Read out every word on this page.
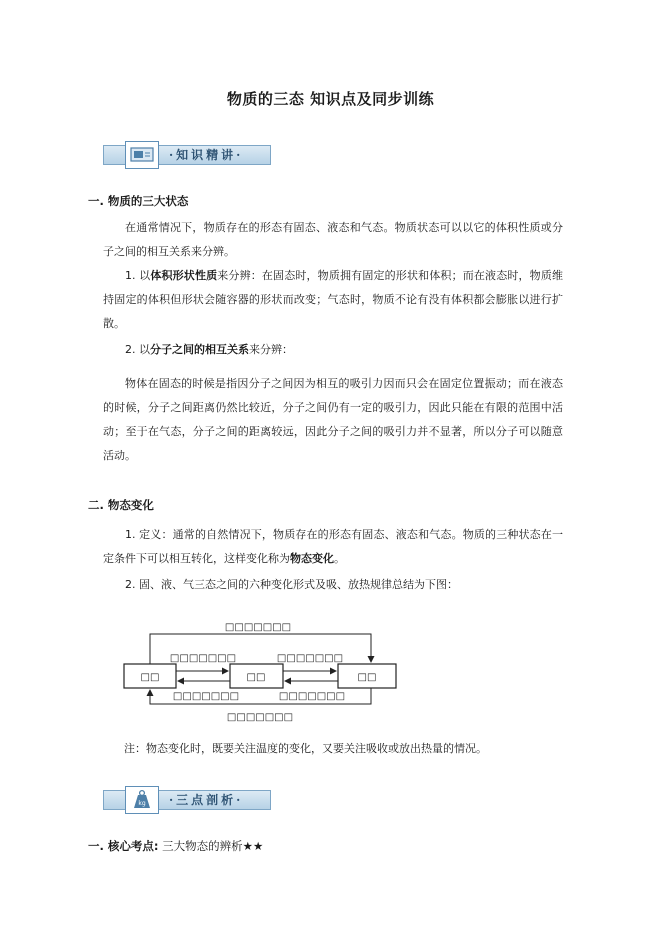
物质的三态 知识点及同步训练
·知识精讲·
一. 物质的三大状态
在通常情况下，物质存在的形态有固态、液态和气态。物质状态可以以它的体积性质或分子之间的相互关系来分辨。
1. 以体积形状性质来分辨：在固态时，物质拥有固定的形状和体积；而在液态时，物质维持固定的体积但形状会随容器的形状而改变；气态时，物质不论有没有体积都会膨胀以进行扩散。
2. 以分子之间的相互关系来分辨：
物体在固态的时候是指因分子之间因为相互的吸引力因而只会在固定位置振动；而在液态的时候，分子之间距离仍然比较近，分子之间仍有一定的吸引力，因此只能在有限的范围中活动；至于在气态，分子之间的距离较远，因此分子之间的吸引力并不显著，所以分子可以随意活动。
二. 物态变化
1. 定义：通常的自然情况下，物质存在的形态有固态、液态和气态。物质的三种状态在一定条件下可以相互转化，这样变化称为物态变化。
2. 固、液、气三态之间的六种变化形式及吸、放热规律总结为下图：
□□	□□	□□
□□□□□□□
□□□□□□□	□□□□□□□
□□□□□□□	□□□□□□□
□□□□□□□
注：物态变化时，既要关注温度的变化，又要关注吸收或放出热量的情况。
kg ·三点剖析·
一. 核心考点: 三大物态的辨析★★
